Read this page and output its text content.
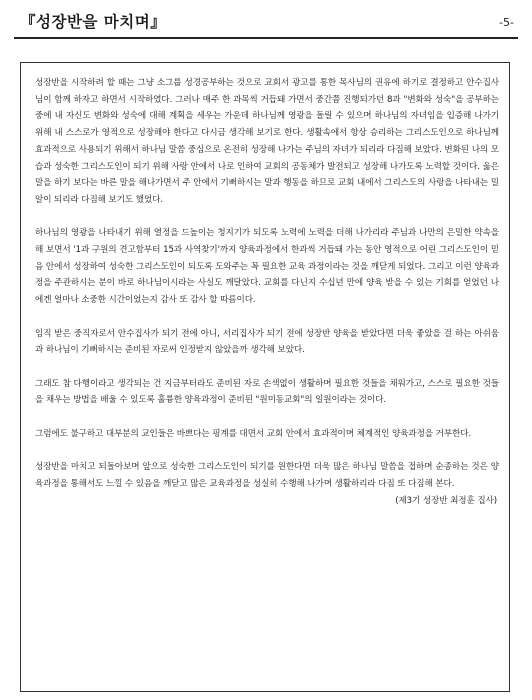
『성장반을 마치며』	-5-

성장반을 시작하려 할 때는 그냥 소그룹 성경공부하는 것으로 교회서 광고를 통한 목사님의 권유에 하기로 결정하고 안수집사님이 함께 하자고 하면서 시작하였다. 그러나 매주 한 과목씩 거듭돼 가면서 중간쯤 진행되가던 8과 "변화와 성숙"을 공부하는 중에 내 자신도 변화와 성숙에 대해 계획을 세우는 가운데 하나님께 영광을 돌릴 수 있으며 하나님의 자녀임을 입증해 나가기 위해 내 스스로가 영적으로 성장해야 한다고 다시금 생각해 보기로 한다. 생활속에서 항상 승리하는 그리스도인으로 하나님께 효과적으로 사용되기 위해서 하나님 말씀 중심으로 온전히 성장해 나가는 주님의 자녀가 되리라 다짐해 보았다. 변화된 나의 모습과 성숙한 그리스도인이 되기 위해 사랑 안에서 나로 인하여 교회의 공동체가 발전되고 성장해 나가도록 노력할 것이다. 옳은 말을 하기 보다는 바른 말을 해나가면서 주 안에서 기뻐하시는 말과 행동을 하므로 교회 내에서 그리스도의 사랑을 나타내는 밀알이 되리라 다짐해 보기도 했었다.

하나님의 영광을 나타내기 위해 열정을 드높이는 청지기가 되도록 노력에 노력을 더해 나가리라 주님과 나만의 은밀한 약속을 해 보면서 '1과 구원의 견고함부터 15과 사역찾기'까지 양육과정에서 한과씩 거듭돼 가는 동안 영적으로 어린 그리스도인이 믿음 안에서 성장하여 성숙한 그리스도인이 되도록 도와주는 꼭 필요한 교육 과정이라는 것을 깨닫게 되었다. 그리고 이런 양육과정을 주관하시는 분이 바로 하나님이시라는 사실도 깨달았다. 교회를 다닌지 수십년 만에 양육 받을 수 있는 기회를 얻었던 나에겐 얼마나 소중한 시간이었는지 감사 또 감사 할 따름이다.

임직 받은 중직자로서 안수집사가 되기 전에 아니, 서리집사가 되기 전에 성장반 양육을 받았다면 더욱 좋았을 걸 하는 아쉬움과 하나님이 기뻐하시는 준비된 자로써 인정받지 않았을까 생각해 보았다.

그래도 참 다행이라고 생각되는 건 지금부터라도 준비된 자로 손색없이 생활하며 필요한 것들을 채워가고, 스스로 필요한 것들을 채우는 방법을 배울 수 있도록 훌륭한 양육과정이 준비된 "원미동교회"의 일원이라는 것이다.

그럼에도 불구하고 대부분의 교인들은 바쁘다는 핑계를 대면서 교회 안에서 효과적이며 체계적인 양육과정을 거부한다.

성장반을 마치고 되돌아보며 앞으로 성숙한 그리스도인이 되기를 원한다면 더욱 많은 하나님 말씀을 접하며 순종하는 것은 양육과정을 통해서도 느낄 수 있음을 깨닫고 많은 교육과정을 성실히 수행해 나가며 생활하리라 다짐 또 다짐해 본다.

(제3기 성장반 최정훈 집사)
